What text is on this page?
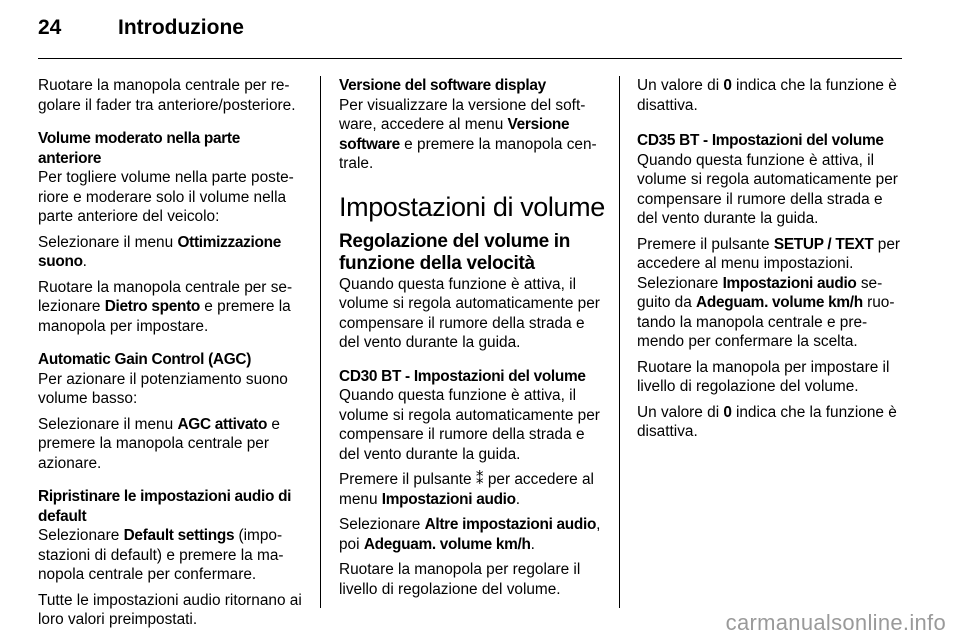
24	Introduzione

Ruotare la manopola centrale per re- golare il fader tra anteriore/posteriore.

Volume moderato nella parte
anteriore

Per togliere volume nella parte poste- riore e moderare solo il volume nella parte anteriore del veicolo:

Selezionare il menu Ottimizzazione suono.

Ruotare la manopola centrale per se- lezionare Dietro spento e premere la manopola per impostare.

Automatic Gain Control (AGC)

Per azionare il potenziamento suono volume basso:

Selezionare il menu AGC attivato e premere la manopola centrale per azionare.

Ripristinare le impostazioni audio di
default

Selezionare Default settings (impo- stazioni di default) e premere la ma- nopola centrale per confermare.

Tutte le impostazioni audio ritornano ai loro valori preimpostati.

Versione del software display

Per visualizzare la versione del soft- ware, accedere al menu Versione software e premere la manopola cen- trale.

Impostazioni di volume
Regolazione del volume in
funzione della velocità

Quando questa funzione è attiva, il volume si regola automaticamente per compensare il rumore della strada e del vento durante la guida.

CD30 BT - Impostazioni del volume

Quando questa funzione è attiva, il volume si regola automaticamente per compensare il rumore della strada e del vento durante la guida.

Premere il pulsante ⁑ per accedere al menu Impostazioni audio.

Selezionare Altre impostazioni audio, poi Adeguam. volume km/h.

Ruotare la manopola per regolare il livello di regolazione del volume.

Un valore di 0 indica che la funzione è disattiva.

CD35 BT - Impostazioni del volume

Quando questa funzione è attiva, il volume si regola automaticamente per compensare il rumore della strada e del vento durante la guida.

Premere il pulsante SETUP / TEXT per accedere al menu impostazioni. Selezionare Impostazioni audio se- guito da Adeguam. volume km/h ruo- tando la manopola centrale e pre- mendo per confermare la scelta.

Ruotare la manopola per impostare il livello di regolazione del volume.

Un valore di 0 indica che la funzione è disattiva.

carmanualsonline.info
